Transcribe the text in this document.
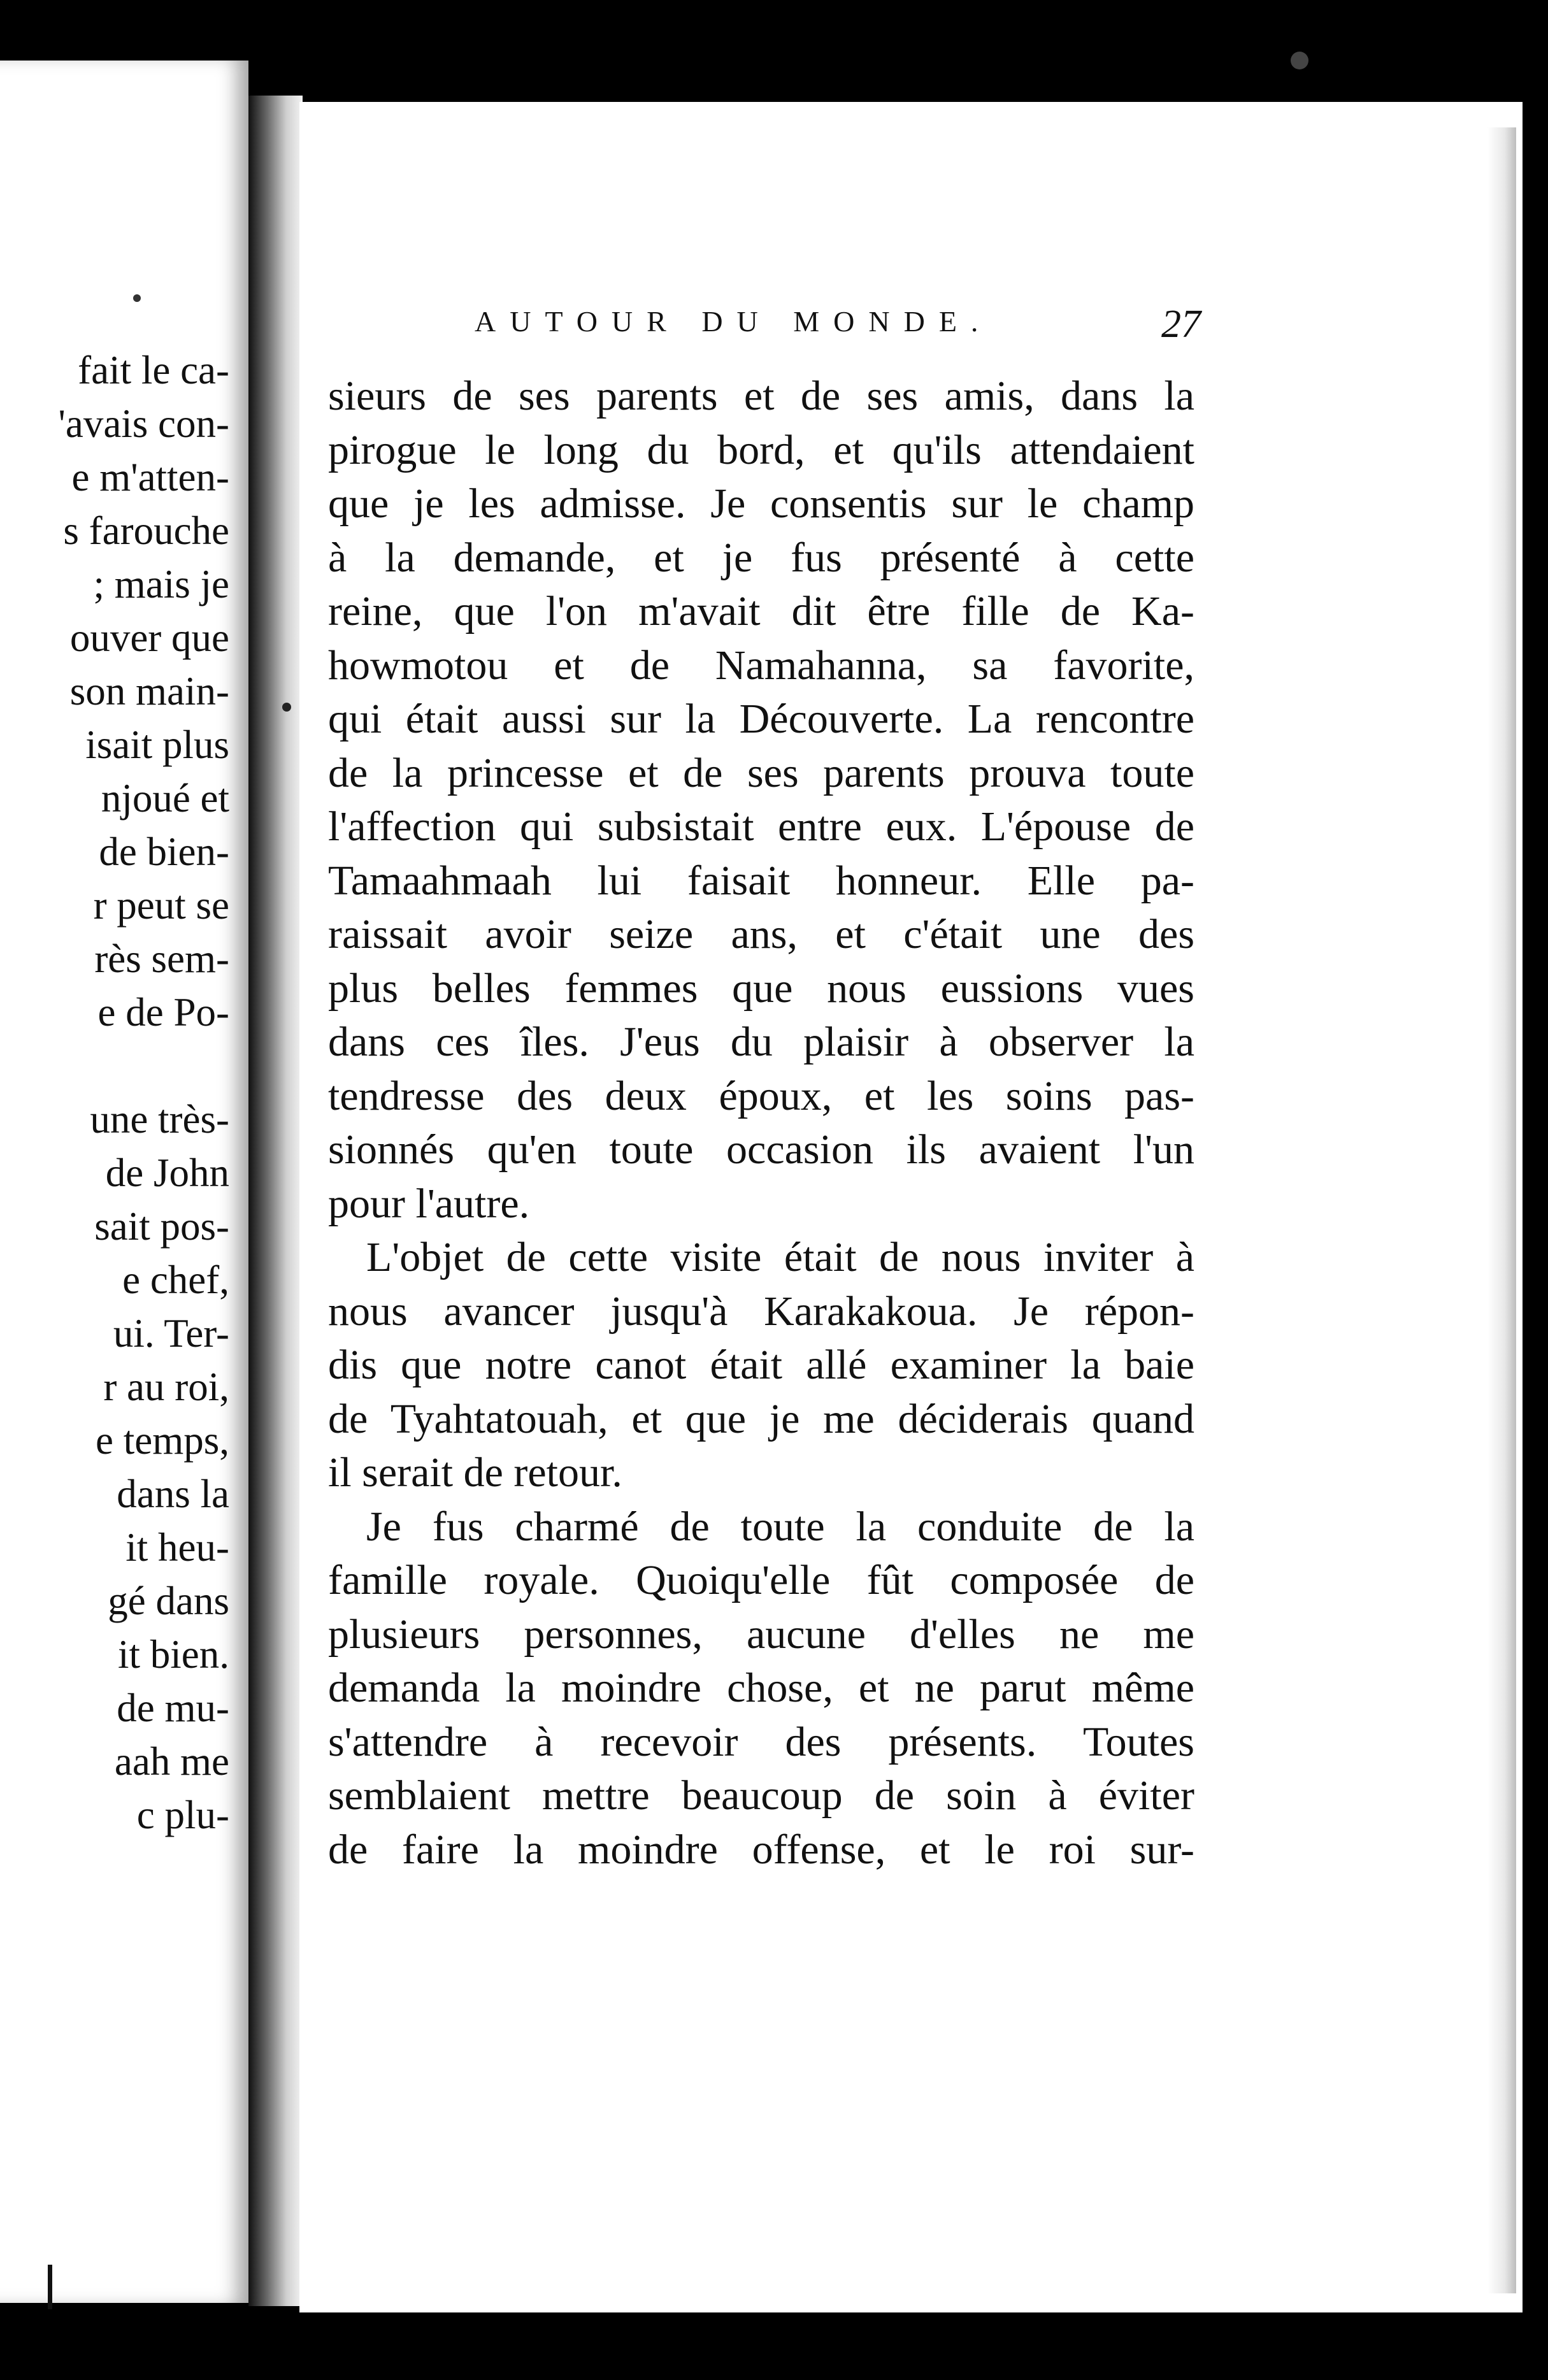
fait le ca-
'avais con-
e m'atten-
s farouche
; mais je
ouver que
son main-
isait plus
njoué et
de bien-
r peut se
rès sem-
e de Po-
une très-
de John
sait pos-
e chef,
ui. Ter-
r au roi,
e temps,
dans la
it heu-
gé dans
it bien.
de mu-
aah me
c plu-
AUTOUR DU MONDE.	27
sieurs de ses parents et de ses amis, dans la
pirogue le long du bord, et qu'ils attendaient
que je les admisse. Je consentis sur le champ
à la demande, et je fus présenté à cette
reine, que l'on m'avait dit être fille de Ka-
howmotou et de Namahanna, sa favorite,
qui était aussi sur la Découverte. La rencontre
de la princesse et de ses parents prouva toute
l'affection qui subsistait entre eux. L'épouse de
Tamaahmaah lui faisait honneur. Elle pa-
raissait avoir seize ans, et c'était une des
plus belles femmes que nous eussions vues
dans ces îles. J'eus du plaisir à observer la
tendresse des deux époux, et les soins pas-
sionnés qu'en toute occasion ils avaient l'un
pour l'autre.
L'objet de cette visite était de nous inviter à
nous avancer jusqu'à Karakakoua. Je répon-
dis que notre canot était allé examiner la baie
de Tyahtatouah, et que je me déciderais quand
il serait de retour.
Je fus charmé de toute la conduite de la
famille royale. Quoiqu'elle fût composée de
plusieurs personnes, aucune d'elles ne me
demanda la moindre chose, et ne parut même
s'attendre à recevoir des présents. Toutes
semblaient mettre beaucoup de soin à éviter
de faire la moindre offense, et le roi sur-
